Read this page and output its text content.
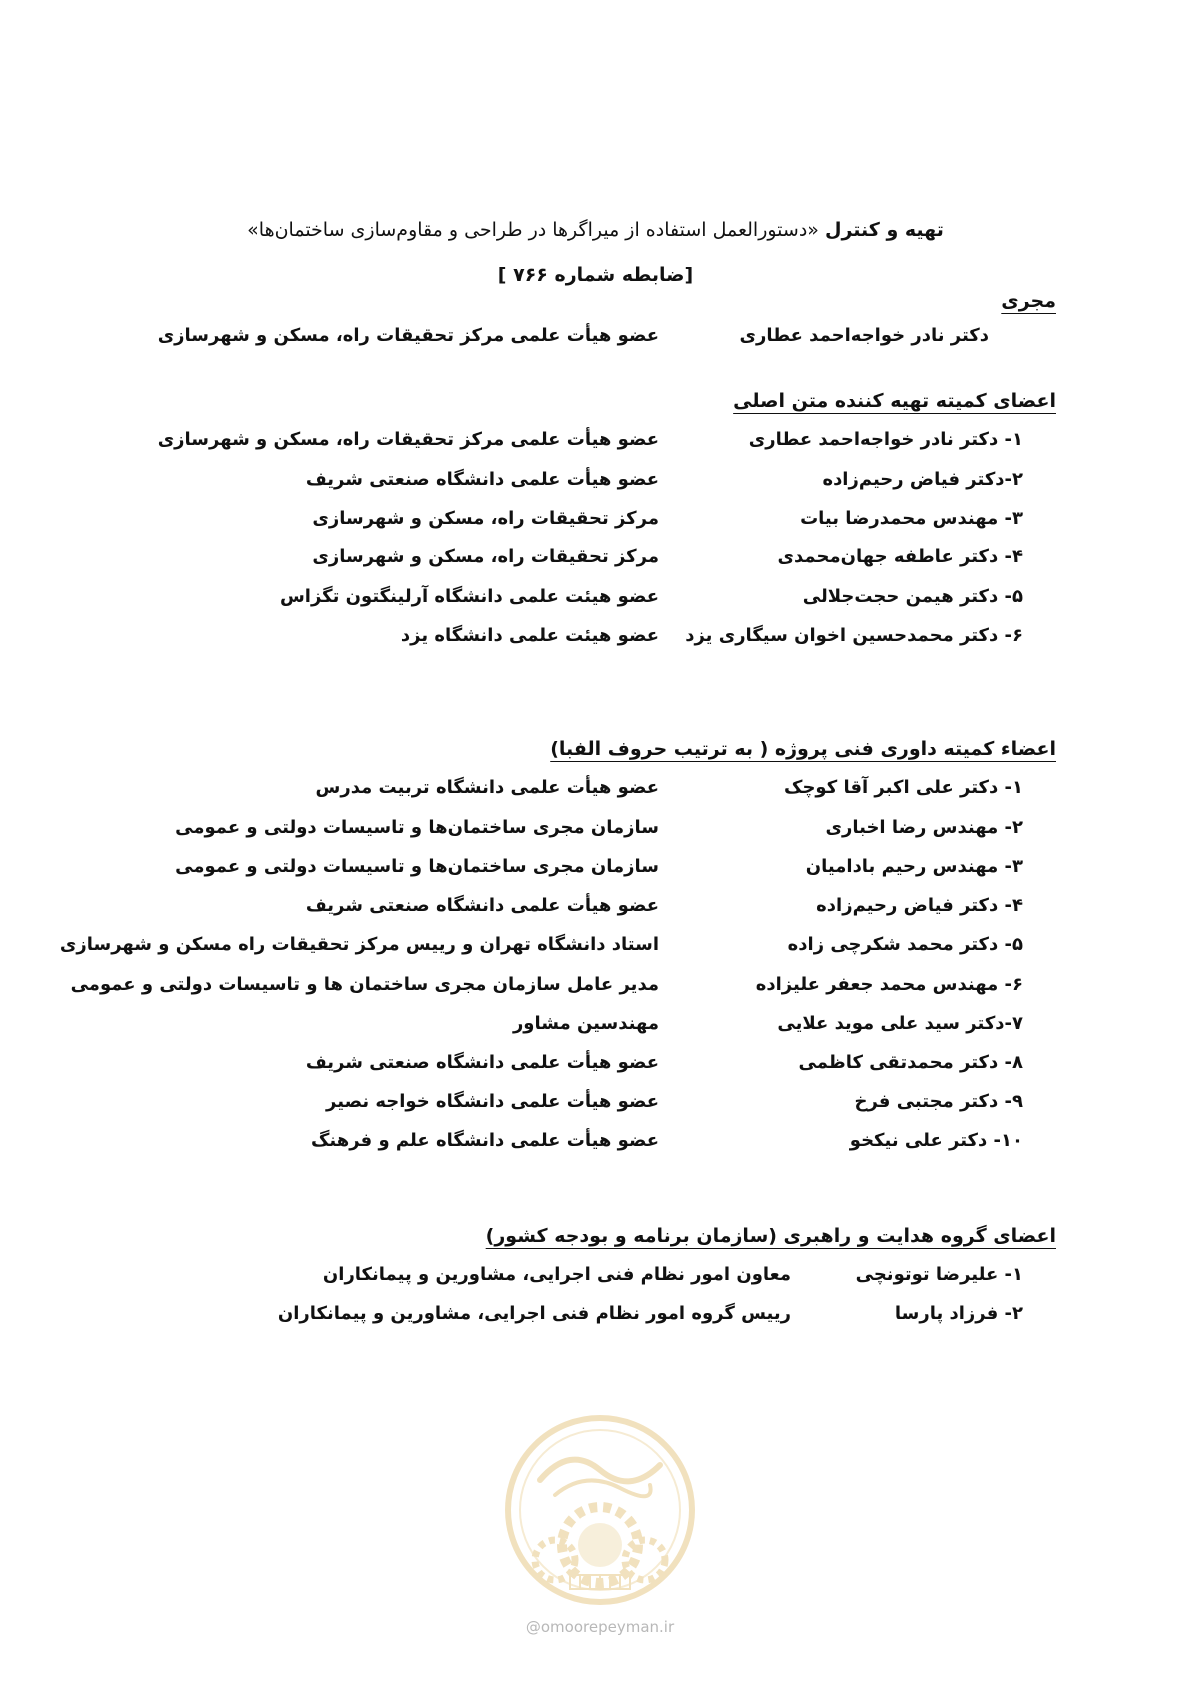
تهیه و کنترل «دستورالعمل استفاده از میراگرها در طراحی و مقاوم‌سازی ساختمان‌ها»
[ضابطه شماره ۷۶۶ ]
مجری
دکتر نادر خواجه‌احمد عطاری
عضو هیأت علمی مرکز تحقیقات راه، مسکن و شهرسازی
اعضای کمیته تهیه کننده متن اصلی
۱- دکتر نادر خواجه‌احمد عطاری
عضو هیأت علمی مرکز تحقیقات راه، مسکن و شهرسازی
۲-دکتر فیاض رحیم‌زاده
عضو هیأت علمی دانشگاه صنعتی شریف
۳- مهندس محمدرضا بیات
مرکز تحقیقات راه، مسکن و شهرسازی
۴- دکتر عاطفه جهان‌محمدی
مرکز تحقیقات راه، مسکن و شهرسازی
۵- دکتر هیمن حجت‌جلالی
عضو هیئت علمی دانشگاه آرلینگتون تگزاس
۶- دکتر محمدحسین اخوان سیگاری یزد
عضو هیئت علمی دانشگاه یزد
اعضاء کمیته داوری فنی پروژه ( به ترتیب حروف الفبا)
۱- دکتر علی اکبر آقا کوچک
عضو هیأت علمی دانشگاه تربیت مدرس
۲- مهندس رضا اخباری
سازمان مجری ساختمان‌ها و تاسیسات دولتی و عمومی
۳- مهندس رحیم بادامیان
سازمان مجری ساختمان‌ها و تاسیسات دولتی و عمومی
۴- دکتر فیاض رحیم‌زاده
عضو هیأت علمی دانشگاه صنعتی شریف
۵- دکتر محمد شکرچی زاده
استاد دانشگاه تهران و رییس مرکز تحقیقات راه مسکن و شهرسازی
۶- مهندس محمد جعفر علیزاده
مدیر عامل سازمان مجری ساختمان ها و تاسیسات دولتی و عمومی
۷-دکتر سید علی موید علایی
مهندسین مشاور
۸- دکتر محمدتقی کاظمی
عضو هیأت علمی دانشگاه صنعتی شریف
۹- دکتر مجتبی فرخ
عضو هیأت علمی دانشگاه خواجه نصیر
۱۰- دکتر علی نیکخو
عضو هیأت علمی دانشگاه علم و فرهنگ
اعضای گروه هدایت و راهبری (سازمان برنامه و بودجه کشور)
۱- علیرضا توتونچی
معاون امور نظام فنی اجرایی، مشاورین و پیمانکاران
۲- فرزاد پارسا
رییس گروه امور نظام فنی اجرایی، مشاورین و پیمانکاران
@omoorepeyman.ir
